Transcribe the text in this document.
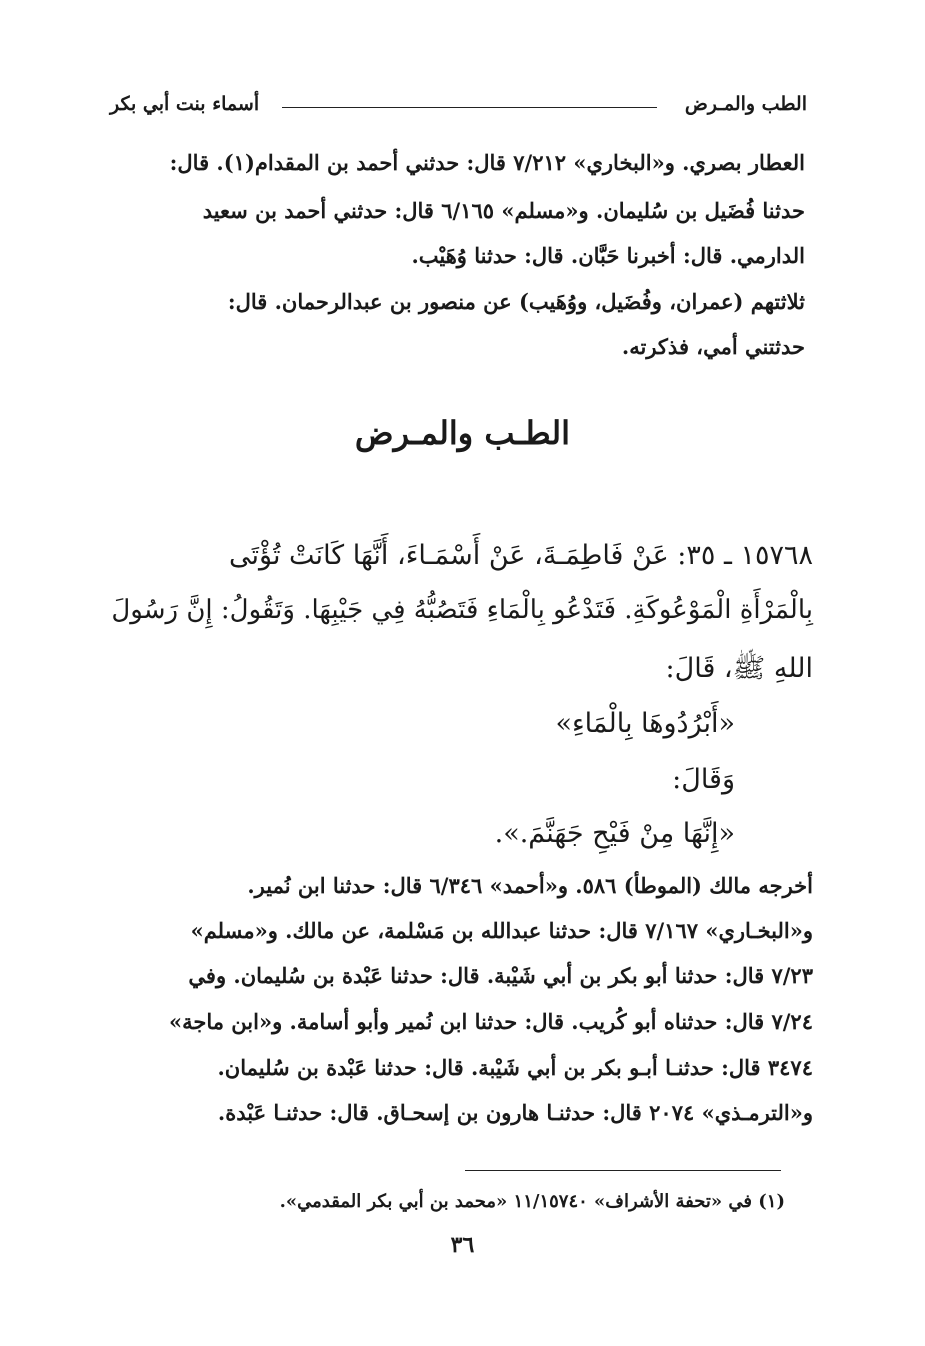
الطب والمـرض
أسماء بنت أبي بكر
العطار بصري. و«البخاري» ٧/٢١٢ قال: حدثني أحمد بن المقدام(١). قال:
حدثنا فُضَيل بن سُليمان. و«مسلم» ٦/١٦٥ قال: حدثني أحمد بن سعيد
الدارمي. قال: أخبرنا حَبَّان. قال: حدثنا وُهَيْب.
ثلاثتهم (عمران، وفُضَيل، ووُهَيب) عن منصور بن عبدالرحمان. قال:
حدثتني أمي، فذكرته.
الطـب والمـرض
١٥٧٦٨ ـ ٣٥: عَنْ فَاطِمَـةَ، عَنْ أَسْمَـاءَ، أَنَّهَا كَانَتْ تُؤْتَى
بِالْمَرْأَةِ الْمَوْعُوكَةِ. فَتَدْعُو بِالْمَاءِ فَتَصُبُّهُ فِي جَيْبِهَا. وَتَقُولُ: إِنَّ رَسُولَ
اللهِ ﷺ، قَالَ:
«أَبْرُدُوهَا بِالْمَاءِ»
وَقَالَ:
«إِنَّهَا مِنْ فَيْحِ جَهَنَّمَ.».
أخرجه مالك (الموطأ) ٥٨٦. و«أحمد» ٦/٣٤٦ قال: حدثنا ابن نُمير.
و«البخـاري» ٧/١٦٧ قال: حدثنا عبدالله بن مَسْلمة، عن مالك. و«مسلم»
٧/٢٣ قال: حدثنا أبو بكر بن أبي شَيْبة. قال: حدثنا عَبْدة بن سُليمان. وفي
٧/٢٤ قال: حدثناه أبو كُريب. قال: حدثنا ابن نُمير وأبو أسامة. و«ابن ماجة»
٣٤٧٤ قال: حدثنـا أبـو بكر بن أبي شَيْبة. قال: حدثنا عَبْدة بن سُليمان.
و«الترمـذي» ٢٠٧٤ قال: حدثنـا هارون بن إسحـاق. قال: حدثنـا عَبْدة.
(١) في «تحفة الأشراف» ١١/١٥٧٤٠ «محمد بن أبي بكر المقدمي».
٣٦
